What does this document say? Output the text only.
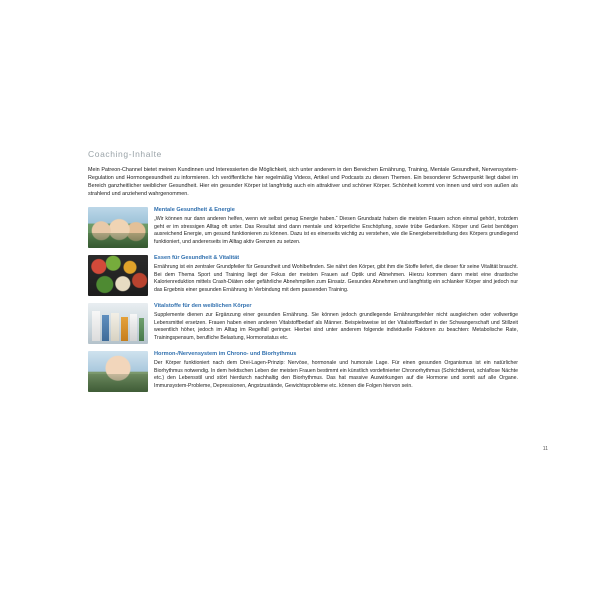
Coaching-Inhalte

Mein Patreon-Channel bietet meinen Kundinnen und Interessierten die Möglichkeit, sich unter anderem in den Bereichen Ernährung, Training, Mentale Gesundheit, Nervensystem-Regulation und Hormongesundheit zu informieren. Ich veröffentliche hier regelmäßig Videos, Artikel und Podcasts zu diesen Themen. Ein besonderer Schwerpunkt liegt dabei im Bereich ganzheitlicher weiblicher Gesundheit. Hier ein gesunder Körper ist langfristig auch ein attraktiver und schöner Körper. Schönheit kommt von innen und wird von außen als strahlend und anziehend wahrgenommen.

Mentale Gesundheit & Energie

„Wir können nur dann anderen helfen, wenn wir selbst genug Energie haben.“ Diesen Grundsatz haben die meisten Frauen schon einmal gehört, trotzdem geht er im stressigen Alltag oft unter. Das Resultat sind dann mentale und körperliche Erschöpfung, sowie trübe Gedanken. Körper und Geist benötigen ausreichend Energie, um gesund funktionieren zu können. Dazu ist es einerseits wichtig zu verstehen, wie die Energiebereitstellung des Körpers grundlegend funktioniert, und andererseits im Alltag aktiv Grenzen zu setzen.

Essen für Gesundheit & Vitalität

Ernährung ist ein zentraler Grundpfeiler für Gesundheit und Wohlbefinden. Sie nährt den Körper, gibt ihm die Stoffe liefert, die dieser für seine Vitalität braucht. Bei dem Thema Sport und Training liegt der Fokus der meisten Frauen auf Optik und Abnehmen. Hierzu kommen dann meist eine drastische Kalorienreduktion mittels Crash-Diäten oder gefährliche Abnehmpillen zum Einsatz. Gesundes Abnehmen und langfristig ein schlanker Körper sind jedoch nur das Ergebnis einer gesunden Ernährung in Verbindung mit dem passenden Training.

Vitalstoffe für den weiblichen Körper

Supplemente dienen zur Ergänzung einer gesunden Ernährung. Sie können jedoch grundlegende Ernährungsfehler nicht ausgleichen oder vollwertige Lebensmittel ersetzen. Frauen haben einen anderen Vitalstoffbedarf als Männer. Beispielsweise ist der Vitalstoffbedarf in der Schwangerschaft und Stillzeit wesentlich höher, jedoch im Alltag im Regelfall geringer. Hierbei sind unter anderem folgende individuelle Faktoren zu beachten: Metabolische Rate, Trainingspensum, berufliche Belastung, Hormonstatus etc.

Hormon-/Nervensystem im Chrono- und Biorhythmus

Der Körper funktioniert nach dem Drei-Lagen-Prinzip: Nervöse, hormonale und humorale Lage. Für einen gesunden Organismus ist ein natürlicher Biorhythmus notwendig. In dem hektischen Leben der meisten Frauen bestimmt ein künstlich vordefinierter Chronorhythmus (Schichtdienst, schlaflose Nächte etc.) den Lebensstil und stört hierdurch nachhaltig den Biorhythmus. Das hat massive Auswirkungen auf die Hormone und somit auf alle Organe. Immunsystem-Probleme, Depressionen, Angstzustände, Gewichtsprobleme etc. können die Folgen hiervon sein.

11
